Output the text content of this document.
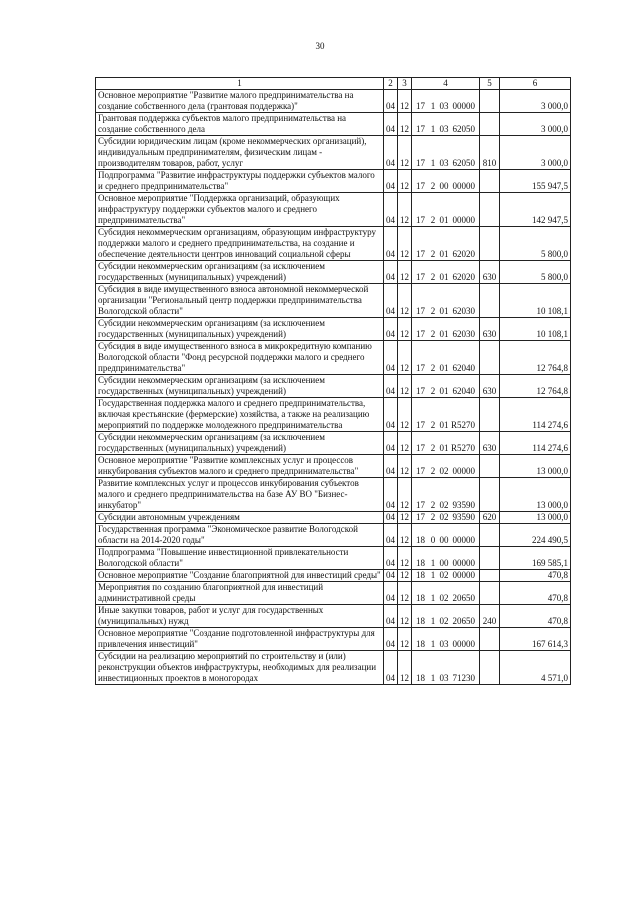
30
1	2	3	4	5	6
Основное мероприятие "Развитие малого предпринимательства на создание собственного дела (грантовая поддержка)"	04	12	17 1 03 00000		3 000,0
Грантовая поддержка субъектов малого предпринимательства на создание собственного дела	04	12	17 1 03 62050		3 000,0
Субсидии юридическим лицам (кроме некоммерческих организаций), индивидуальным предпринимателям, физическим лицам - производителям товаров, работ, услуг	04	12	17 1 03 62050	810	3 000,0
Подпрограмма "Развитие инфраструктуры поддержки субъектов малого и среднего предпринимательства"	04	12	17 2 00 00000		155 947,5
Основное мероприятие "Поддержка организаций, образующих инфраструктуру поддержки субъектов малого и среднего предпринимательства"	04	12	17 2 01 00000		142 947,5
Субсидия некоммерческим организациям, образующим инфраструктуру поддержки малого и среднего предпринимательства, на создание и обеспечение деятельности центров инноваций социальной сферы	04	12	17 2 01 62020		5 800,0
Субсидии некоммерческим организациям (за исключением государственных (муниципальных) учреждений)	04	12	17 2 01 62020	630	5 800,0
Субсидия в виде имущественного взноса автономной некоммерческой организации "Региональный центр поддержки предпринимательства Вологодской области"	04	12	17 2 01 62030		10 108,1
Субсидии некоммерческим организациям (за исключением государственных (муниципальных) учреждений)	04	12	17 2 01 62030	630	10 108,1
Субсидия в виде имущественного взноса в микрокредитную компанию Вологодской области "Фонд ресурсной поддержки малого и среднего предпринимательства"	04	12	17 2 01 62040		12 764,8
Субсидии некоммерческим организациям (за исключением государственных (муниципальных) учреждений)	04	12	17 2 01 62040	630	12 764,8
Государственная поддержка малого и среднего предпринимательства, включая крестьянские (фермерские) хозяйства, а также на реализацию мероприятий по поддержке молодежного предпринимательства	04	12	17 2 01 R5270		114 274,6
Субсидии некоммерческим организациям (за исключением государственных (муниципальных) учреждений)	04	12	17 2 01 R5270	630	114 274,6
Основное мероприятие "Развитие комплексных услуг и процессов инкубирования субъектов малого и среднего предпринимательства"	04	12	17 2 02 00000		13 000,0
Развитие комплексных услуг и процессов инкубирования субъектов малого и среднего предпринимательства на базе АУ ВО "Бизнес-инкубатор"	04	12	17 2 02 93590		13 000,0
Субсидии автономным учреждениям	04	12	17 2 02 93590	620	13 000,0
Государственная программа "Экономическое развитие Вологодской области на 2014-2020 годы"	04	12	18 0 00 00000		224 490,5
Подпрограмма "Повышение инвестиционной привлекательности Вологодской области"	04	12	18 1 00 00000		169 585,1
Основное мероприятие "Создание благоприятной для инвестиций среды"	04	12	18 1 02 00000		470,8
Мероприятия по созданию благоприятной для инвестиций административной среды	04	12	18 1 02 20650		470,8
Иные закупки товаров, работ и услуг для государственных (муниципальных) нужд	04	12	18 1 02 20650	240	470,8
Основное мероприятие "Создание подготовленной инфраструктуры для привлечения инвестиций"	04	12	18 1 03 00000		167 614,3
Субсидии на реализацию мероприятий по строительству и (или) реконструкции объектов инфраструктуры, необходимых для реализации инвестиционных проектов в моногородах	04	12	18 1 03 71230		4 571,0
